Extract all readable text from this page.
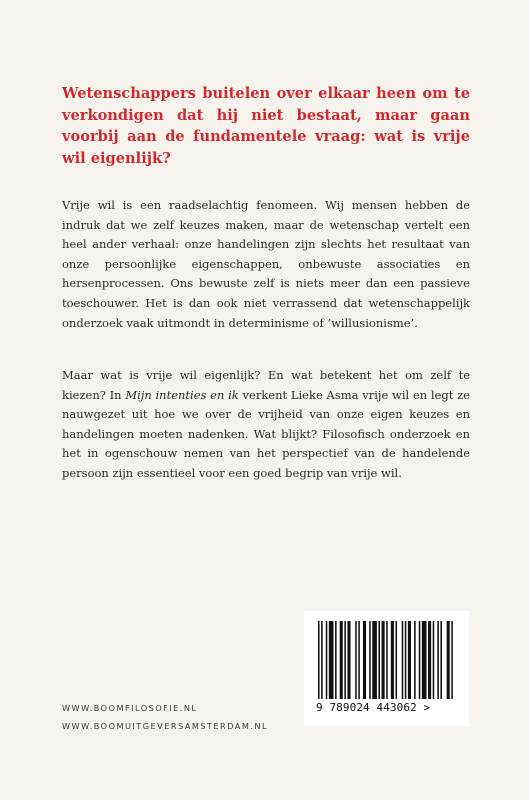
Wetenschappers buitelen over elkaar heen om te verkondigen dat hij niet bestaat, maar gaan voorbij aan de fundamentele vraag: wat is vrije wil eigenlijk?

Vrije wil is een raadselachtig fenomeen. Wij mensen hebben de indruk dat we zelf keuzes maken, maar de wetenschap vertelt een heel ander verhaal: onze handelingen zijn slechts het resultaat van onze persoonlijke eigenschappen, onbewuste associaties en hersenprocessen. Ons bewuste zelf is niets meer dan een passieve toeschouwer. Het is dan ook niet verrassend dat wetenschappelijk onderzoek vaak uitmondt in determinisme of ‘willusionisme’.

Maar wat is vrije wil eigenlijk? En wat betekent het om zelf te kiezen? In Mijn intenties en ik verkent Lieke Asma vrije wil en legt ze nauwgezet uit hoe we over de vrijheid van onze eigen keuzes en handelingen moeten nadenken. Wat blijkt? Filosofisch onderzoek en het in ogenschouw nemen van het perspectief van de handelende persoon zijn essentieel voor een goed begrip van vrije wil.

WWW.BOOMFILOSOFIE.NL
WWW.BOOMUITGEVERSAMSTERDAM.NL
9 789024 443062 >
